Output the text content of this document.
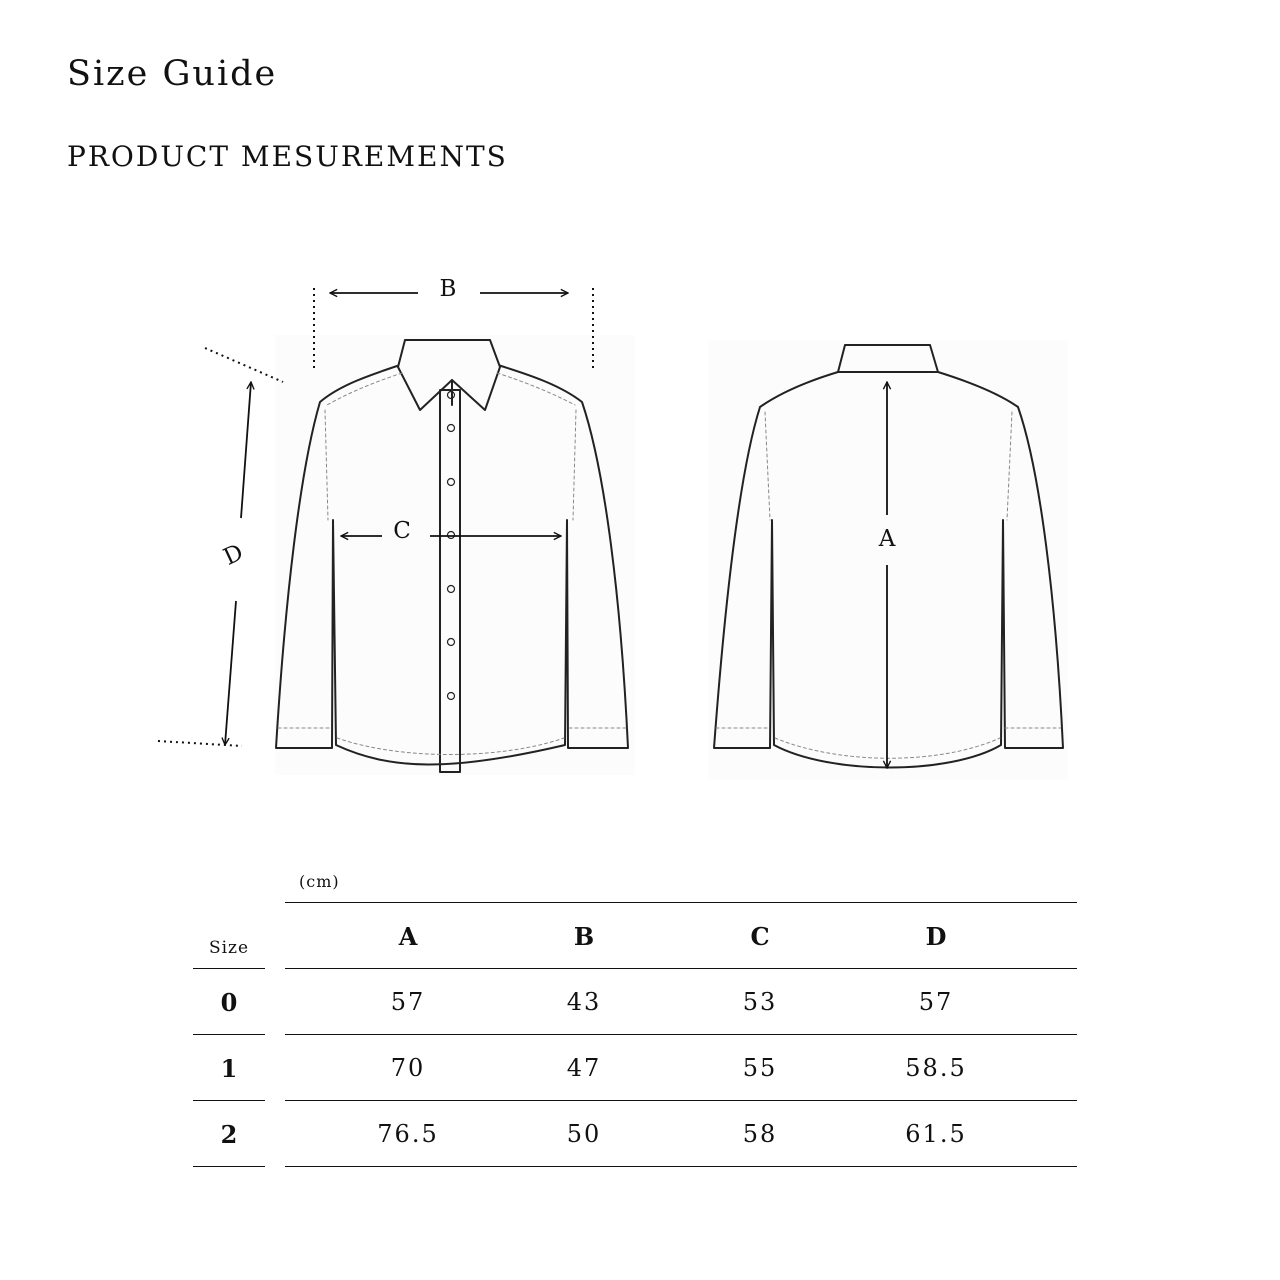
Size Guide
PRODUCT MESUREMENTS
B
C	A
D
(cm)
Size	A	B	C	D
0	57	43	53	57
1	70	47	55	58.5
2	76.5	50	58	61.5
